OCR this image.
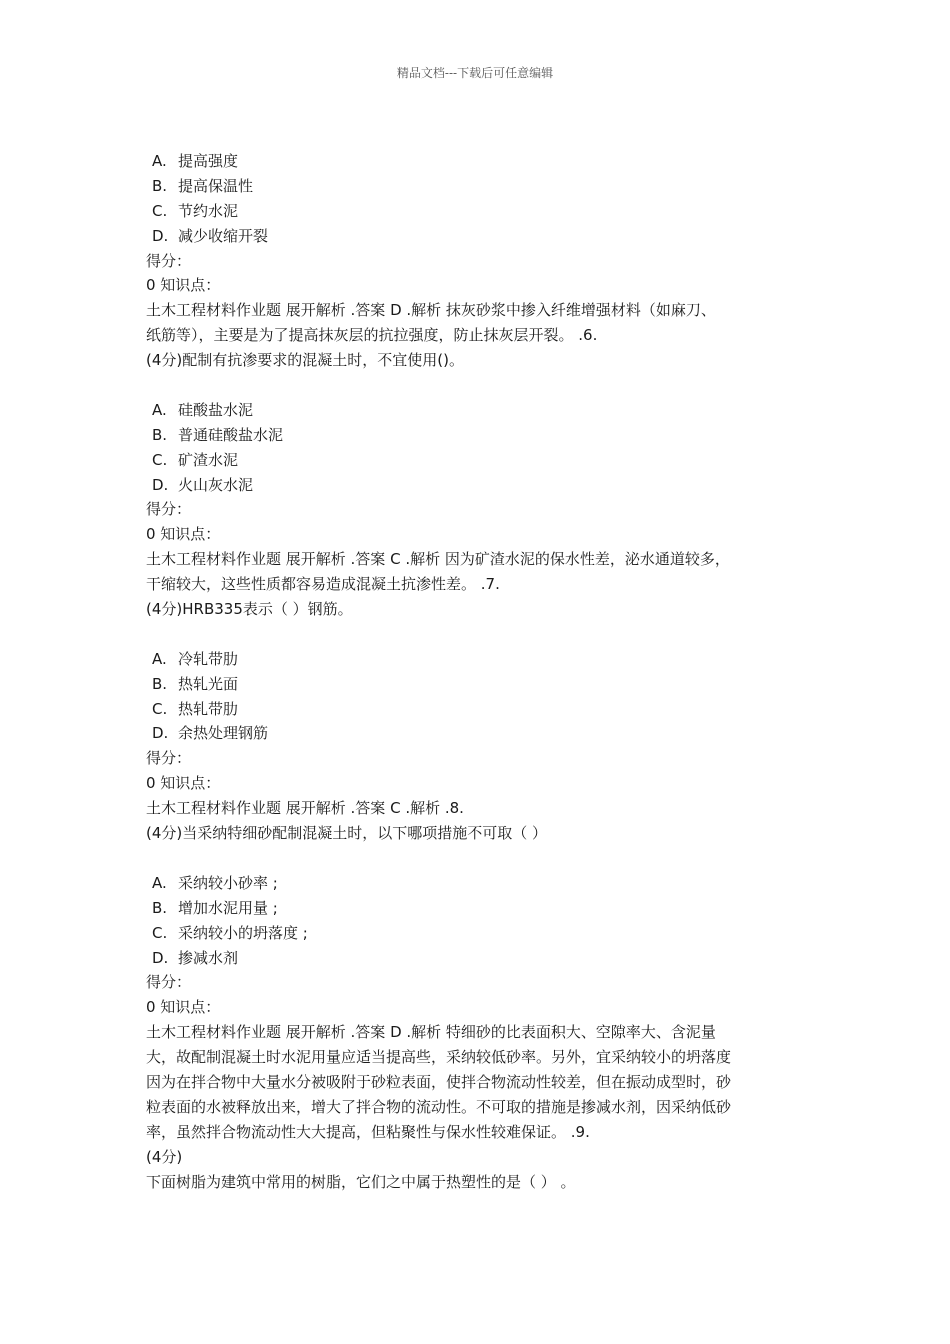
精品文档---下载后可任意编辑
A. 提高强度
B. 提高保温性
C. 节约水泥
D. 减少收缩开裂
得分：
0 知识点：
土木工程材料作业题 展开解析 .答案 D .解析 抹灰砂浆中掺入纤维增强材料（如麻刀、
纸筋等），主要是为了提高抹灰层的抗拉强度，防止抹灰层开裂。 .6.
(4分)配制有抗渗要求的混凝土时，不宜使用()。
A. 硅酸盐水泥
B. 普通硅酸盐水泥
C. 矿渣水泥
D. 火山灰水泥
得分：
0 知识点：
土木工程材料作业题 展开解析 .答案 C .解析 因为矿渣水泥的保水性差，泌水通道较多，
干缩较大，这些性质都容易造成混凝土抗渗性差。 .7.
(4分)HRB335表示（ ）钢筋。
A. 冷轧带肋
B. 热轧光面
C. 热轧带肋
D. 余热处理钢筋
得分：
0 知识点：
土木工程材料作业题 展开解析 .答案 C .解析 .8.
(4分)当采纳特细砂配制混凝土时，以下哪项措施不可取（ ）
A. 采纳较小砂率 ;
B. 增加水泥用量 ;
C. 采纳较小的坍落度 ;
D. 掺减水剂
得分：
0 知识点：
土木工程材料作业题 展开解析 .答案 D .解析 特细砂的比表面积大、空隙率大、含泥量
大，故配制混凝土时水泥用量应适当提高些，采纳较低砂率。另外，宜采纳较小的坍落度
因为在拌合物中大量水分被吸附于砂粒表面，使拌合物流动性较差，但在振动成型时，砂
粒表面的水被释放出来，增大了拌合物的流动性。不可取的措施是掺减水剂，因采纳低砂
率，虽然拌合物流动性大大提高，但粘聚性与保水性较难保证。 .9.
(4分)
下面树脂为建筑中常用的树脂，它们之中属于热塑性的是（ ） 。
